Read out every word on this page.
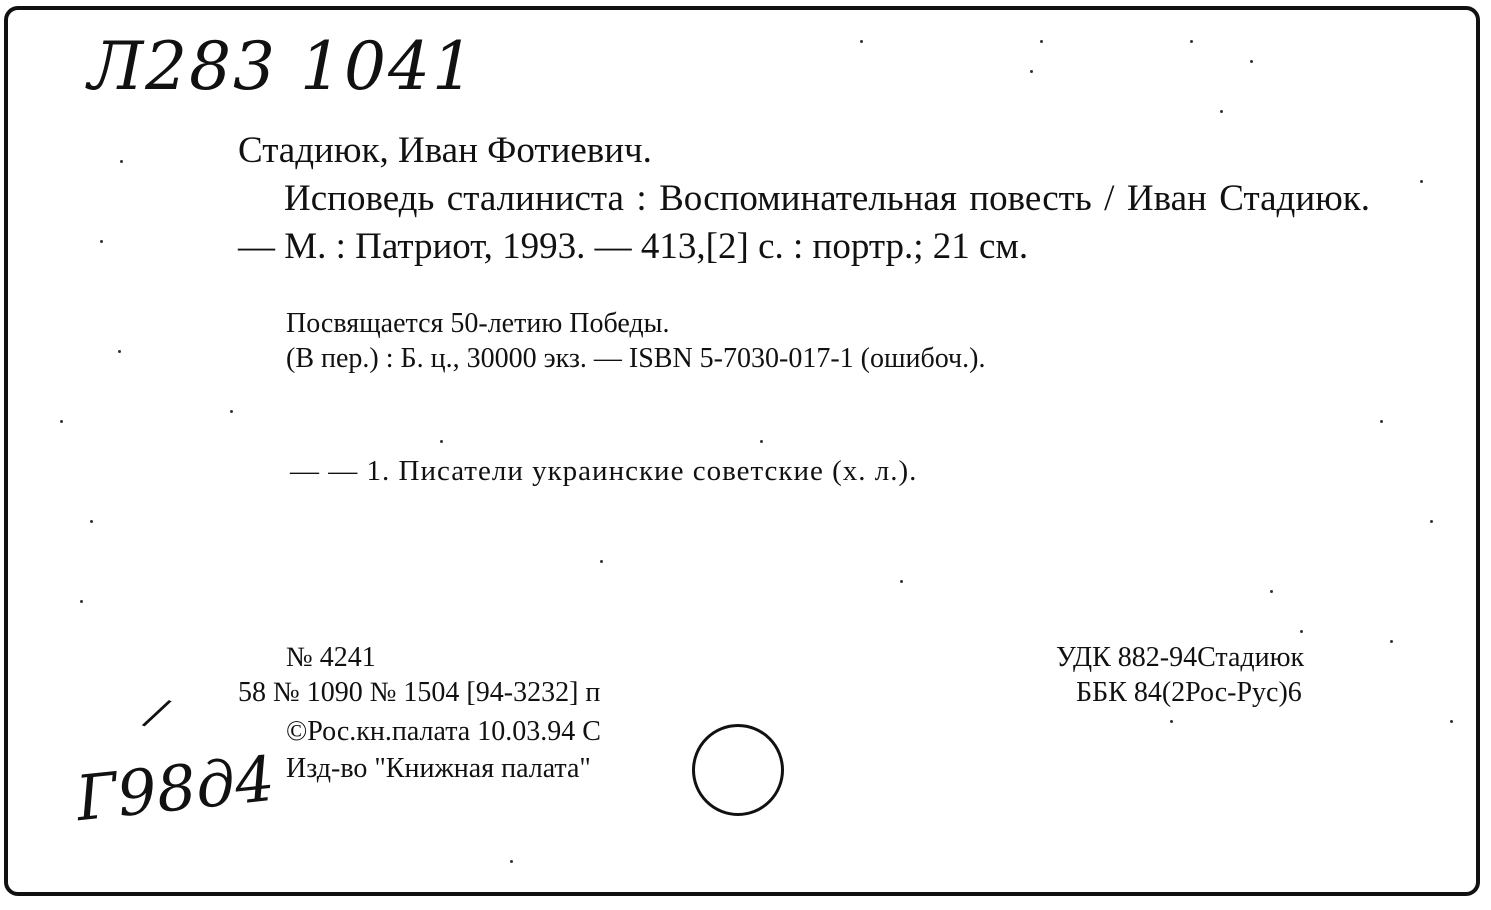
Л283 1041
Стадиюк, Иван Фотиевич.
Исповедь сталиниста : Воспоминательная повесть / Иван Стадиюк. — М. : Патриот, 1993. — 413,[2] с. : портр.; 21 см.
Посвящается 50-летию Победы.
(В пер.) : Б. ц., 30000 экз. — ISBN 5-7030-017-1 (ошибоч.).
— — 1. Писатели украинские советские (х. л.).
№ 4241
58 № 1090 № 1504 [94-3232] п
©Рос.кн.палата 10.03.94 С
Изд-во "Книжная палата"
УДК 882-94Стадиюк
ББК 84(2Рос-Рус)6
Г98д4
/
